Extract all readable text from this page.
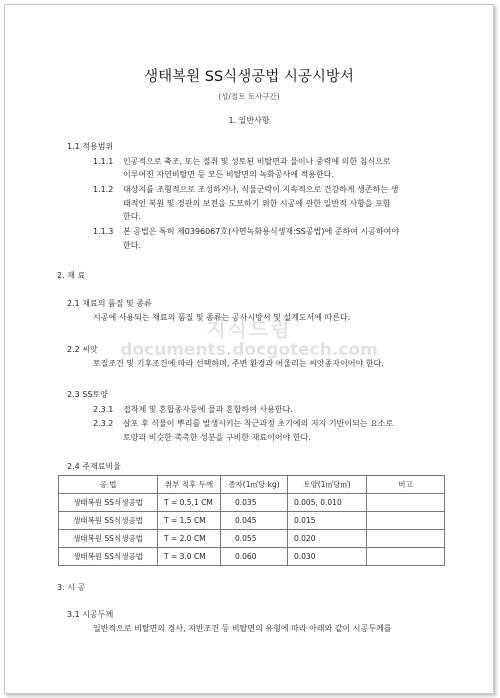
생태복원 SS식생공법 시공시방서
(성/절토 토사구간)
1. 일반사항
1.1 적용범위
1.1.1 인공적으로 축조, 또는 절취 및 성토된 비탈면과 물이나 중력에 의한 침식으로
이루어진 자연비탈면 등 모든 비탈면의 녹화공사에 적용한다.
1.1.2 대상지를 조형적으로 조성하거나, 식물군락이 지속적으로 건강하게 생존하는 생
태적인 복원 및 경관의 보전을 도모하기 위한 시공에 관한 일반적 사항을 포함
한다.
1.1.3 본 공법은 특허 제0396067호(사면녹화용식생재:SS공법)에 준하여 시공하여야
한다.
2. 재 료
2.1 재료의 품질 및 종류
시공에 사용되는 재료의 품질 및 종류는 공사시방서 및 설계도서에 따른다.
2.2 씨앗
토질조건 및 기후조건에 따라 선택하며, 주변 환경과 어울리는 씨앗종자이어야 한다.
2.3 SS토양
2.3.1 접착제 및 혼합종자등에 물과 혼합하여 사용한다.
2.3.2 살포 후 식물이 뿌리를 발생시키는 착근과정 초기에의 지지 기반이되는 요소로
토양과 비슷한 촉촉한 성분을 구비한 재료이어야 한다.
2.4 주재료비율
공 법	취부 직후 두께	종자(1㎡당 kg)	토양(1㎡당㎥)	비고
생태복원 SS식생공법	T = 0.5,1 CM	0.035	0.005, 0.010	
생태복원 SS식생공법	T = 1.5 CM	0.045	0.015	
생태복원 SS식생공법	T = 2.0 CM	0.055	0.020	
생태복원 SS식생공법	T = 3.0 CM	0.060	0.030	
3. 시 공
3.1 시공두께
일반적으로 비탈면의 경사, 지반조건 등 비탈면의 유형에 따라 아래와 같이 시공두께를
지식드림
documents.docgotech.com
